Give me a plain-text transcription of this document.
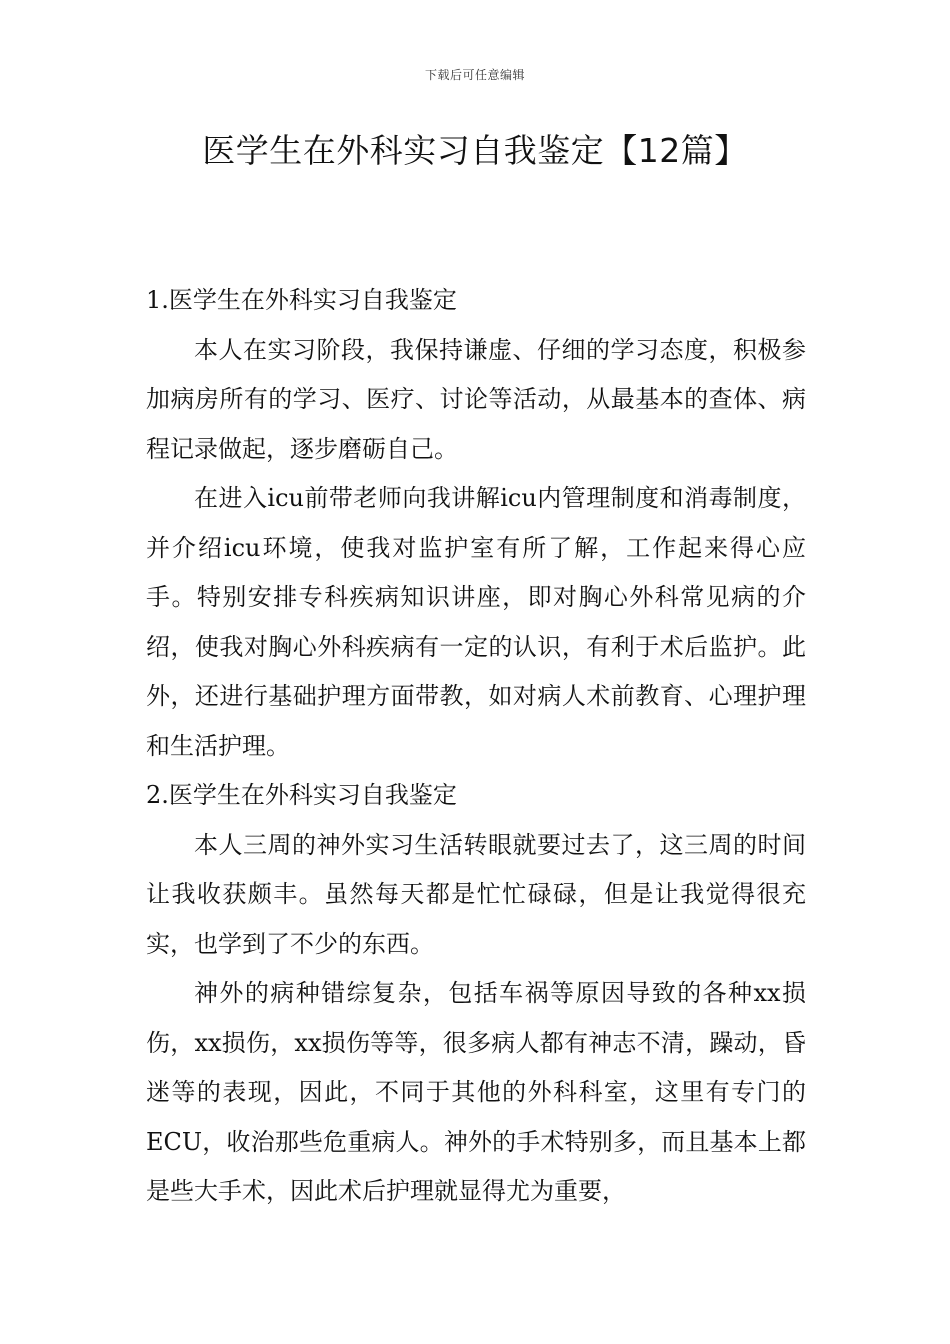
下载后可任意编辑
医学生在外科实习自我鉴定【12篇】

1.医学生在外科实习自我鉴定

本人在实习阶段，我保持谦虚、仔细的学习态度，积极参加病房所有的学习、医疗、讨论等活动，从最基本的查体、病程记录做起，逐步磨砺自己。

在进入icu前带老师向我讲解icu内管理制度和消毒制度，并介绍icu环境，使我对监护室有所了解，工作起来得心应手。特别安排专科疾病知识讲座，即对胸心外科常见病的介绍，使我对胸心外科疾病有一定的认识，有利于术后监护。此外，还进行基础护理方面带教，如对病人术前教育、心理护理和生活护理。

2.医学生在外科实习自我鉴定

本人三周的神外实习生活转眼就要过去了，这三周的时间让我收获颇丰。虽然每天都是忙忙碌碌，但是让我觉得很充实，也学到了不少的东西。

神外的病种错综复杂，包括车祸等原因导致的各种xx损伤，xx损伤，xx损伤等等，很多病人都有神志不清，躁动，昏迷等的表现，因此，不同于其他的外科科室，这里有专门的ECU，收治那些危重病人。神外的手术特别多，而且基本上都是些大手术，因此术后护理就显得尤为重要，
